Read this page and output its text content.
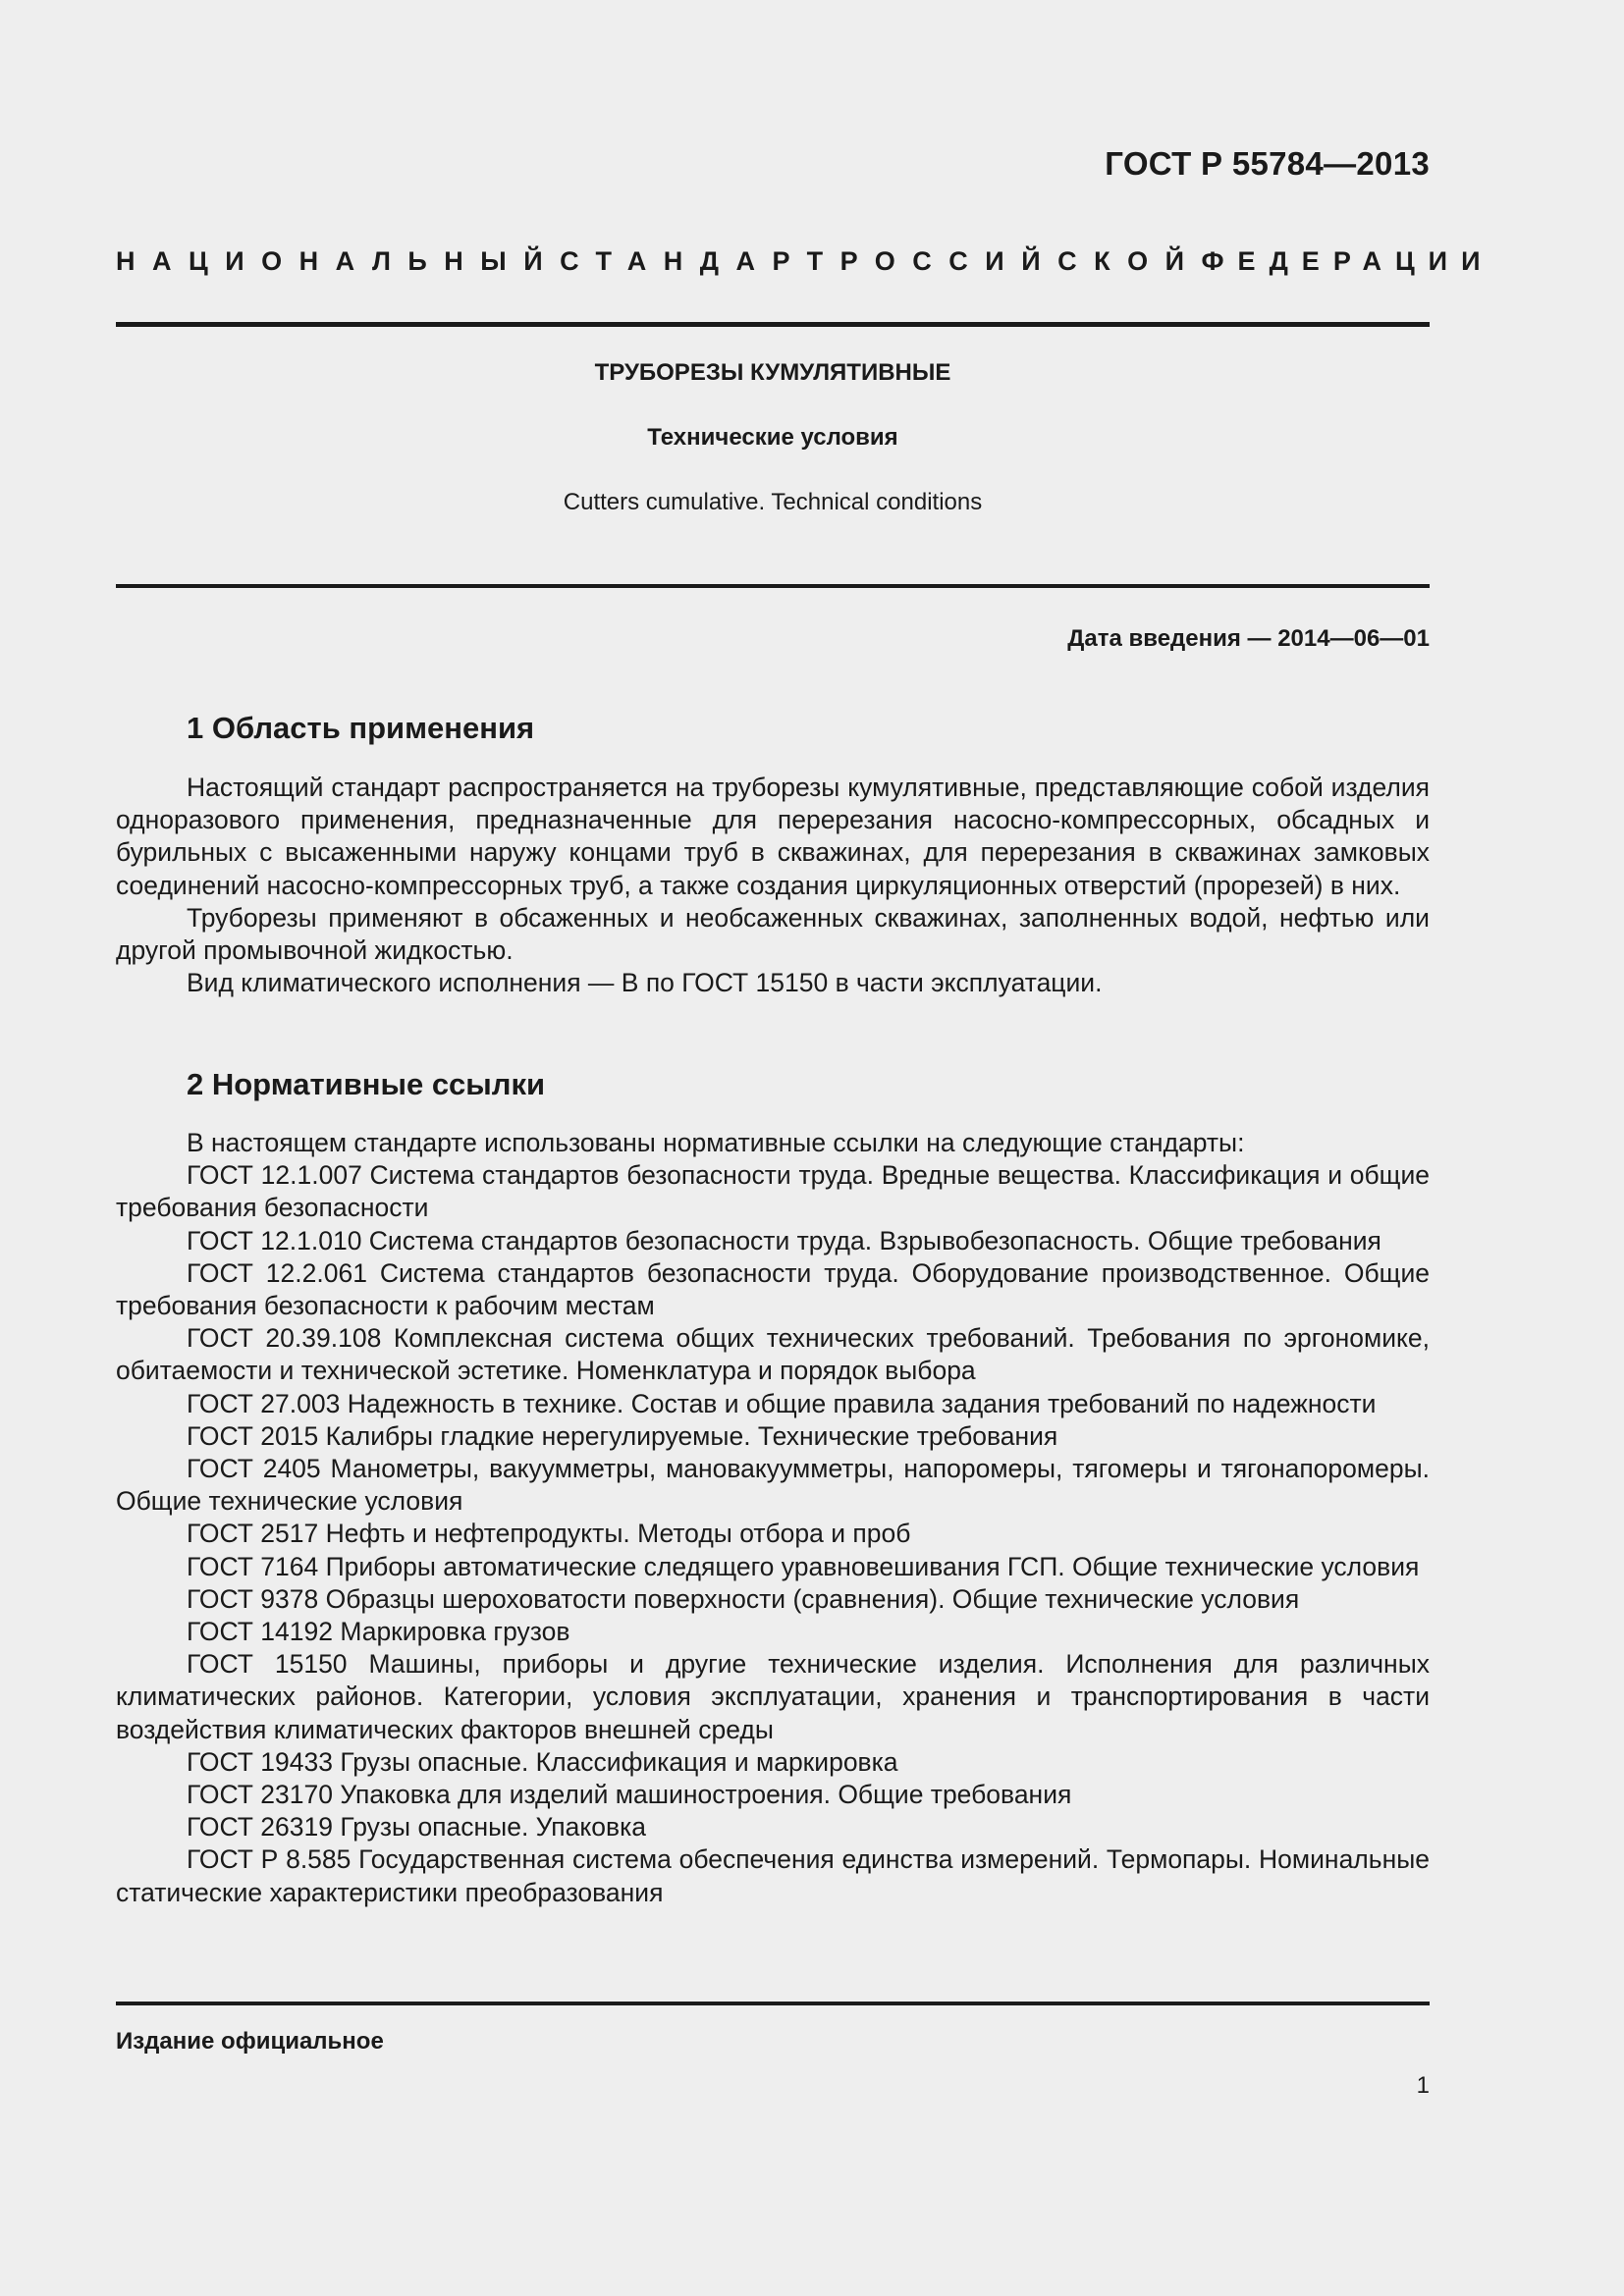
ГОСТ Р 55784—2013
НАЦИОНАЛЬНЫЙ СТАНДАРТ РОССИЙСКОЙ ФЕДЕРАЦИИ
ТРУБОРЕЗЫ КУМУЛЯТИВНЫЕ
Технические условия
Cutters cumulative. Technical conditions
Дата введения — 2014—06—01
1 Область применения

Настоящий стандарт распространяется на труборезы кумулятивные, представляющие собой изделия одноразового применения, предназначенные для перерезания насосно-компрессорных, обсадных и бурильных с высаженными наружу концами труб в скважинах, для перерезания в скважинах замковых соединений насосно-компрессорных труб, а также создания циркуляционных отверстий (прорезей) в них.

Труборезы применяют в обсаженных и необсаженных скважинах, заполненных водой, нефтью или другой промывочной жидкостью.

Вид климатического исполнения — В по ГОСТ 15150 в части эксплуатации.

2 Нормативные ссылки

В настоящем стандарте использованы нормативные ссылки на следующие стандарты:

ГОСТ 12.1.007 Система стандартов безопасности труда. Вредные вещества. Классификация и общие требования безопасности

ГОСТ 12.1.010 Система стандартов безопасности труда. Взрывобезопасность. Общие требования

ГОСТ 12.2.061 Система стандартов безопасности труда. Оборудование производственное. Общие требования безопасности к рабочим местам

ГОСТ 20.39.108 Комплексная система общих технических требований. Требования по эргономике, обитаемости и технической эстетике. Номенклатура и порядок выбора

ГОСТ 27.003 Надежность в технике. Состав и общие правила задания требований по надежности

ГОСТ 2015 Калибры гладкие нерегулируемые. Технические требования

ГОСТ 2405 Манометры, вакуумметры, мановакуумметры, напоромеры, тягомеры и тягонапоромеры. Общие технические условия

ГОСТ 2517 Нефть и нефтепродукты. Методы отбора и проб

ГОСТ 7164 Приборы автоматические следящего уравновешивания ГСП. Общие технические условия

ГОСТ 9378 Образцы шероховатости поверхности (сравнения). Общие технические условия

ГОСТ 14192 Маркировка грузов

ГОСТ 15150 Машины, приборы и другие технические изделия. Исполнения для различных климатических районов. Категории, условия эксплуатации, хранения и транспортирования в части воздействия климатических факторов внешней среды

ГОСТ 19433 Грузы опасные. Классификация и маркировка

ГОСТ 23170 Упаковка для изделий машиностроения. Общие требования

ГОСТ 26319 Грузы опасные. Упаковка

ГОСТ Р 8.585 Государственная система обеспечения единства измерений. Термопары. Номинальные статические характеристики преобразования

Издание официальное
1
